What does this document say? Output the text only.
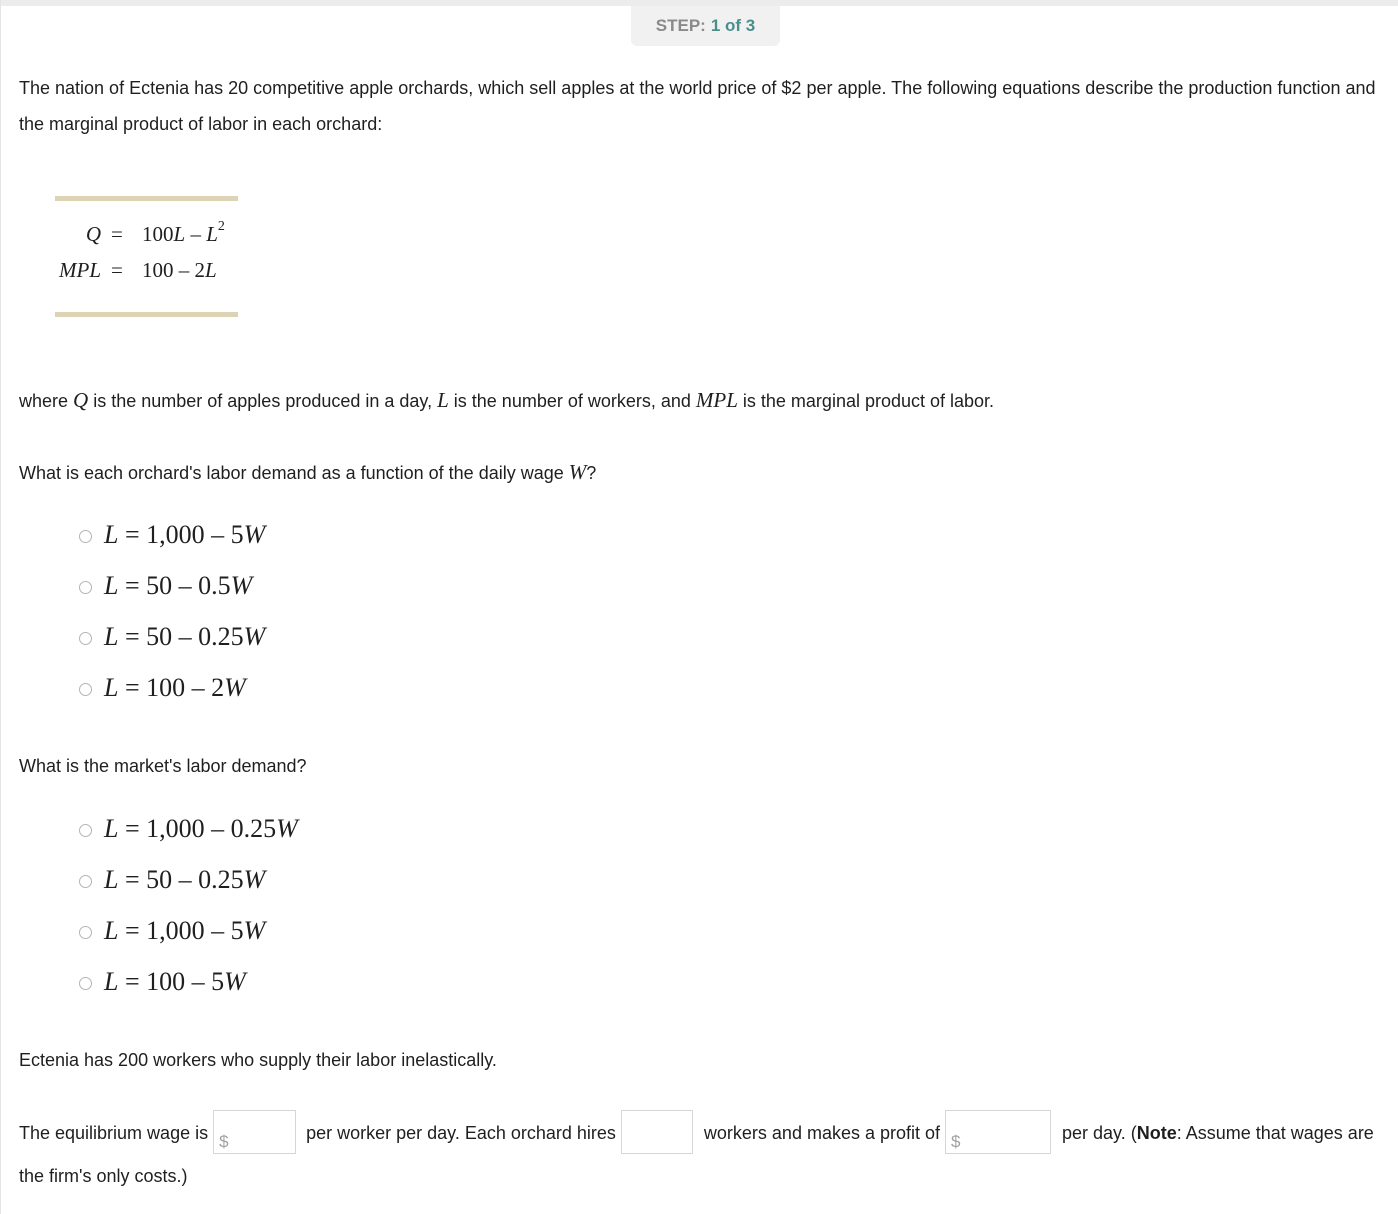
STEP: 1 of 3

The nation of Ectenia has 20 competitive apple orchards, which sell apples at the world price of $2 per apple. The following equations describe the production function and the marginal product of labor in each orchard:

$Q = 100L - L^2$
MPL = 100 – 2L

where Q is the number of apples produced in a day, L is the number of workers, and MPL is the marginal product of labor.

What is each orchard's labor demand as a function of the daily wage W?

L = 1,000 – 5W
L = 50 – 0.5W
L = 50 – 0.25W
L = 100 – 2W

What is the market's labor demand?

L = 1,000 – 0.25W
L = 50 – 0.25W
L = 1,000 – 5W
L = 100 – 5W

Ectenia has 200 workers who supply their labor inelastically.

The equilibrium wage is $	per worker per day. Each orchard hires	workers and makes a profit of $	per day. (Note: Assume that wages are the firm's only costs.)
